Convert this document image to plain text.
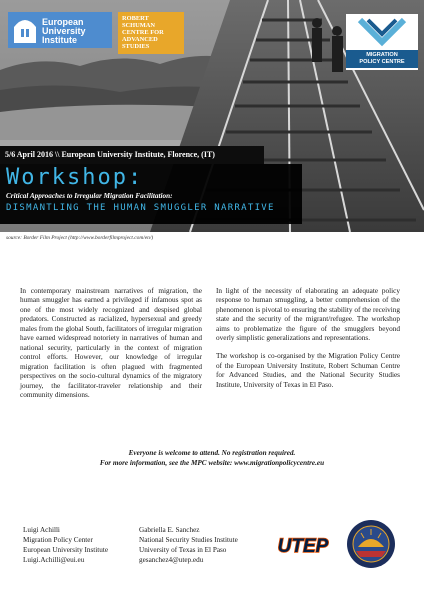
European
University
Institute
ROBERT
SCHUMAN
CENTRE FOR
ADVANCED
STUDIES
MIGRATION
POLICY CENTRE
5/6 April 2016 \\ European University Institute, Florence, (IT)
Workshop:
Critical Approaches to Irregular Migration Facilitation:
DISMANTLING THE HUMAN SMUGGLER NARRATIVE
source: Border Film Project (http://www.borderfilmproject.com/en/)

In contemporary mainstream narratives of migration, the human smuggler has earned a privileged if infamous spot as one of the most widely recognized and despised global predators. Constructed as racialized, hypersexual and greedy males from the global South, facilitators of irregular migration have earned widespread notoriety in narratives of human and national security, particularly in the context of migration control efforts. However, our knowledge of irregular migration facilitation is often plagued with fragmented perspectives on the socio-cultural dynamics of the migratory journey, the facilitator-traveler relationship and their community dimensions.

In light of the necessity of elaborating an adequate policy response to human smuggling, a better comprehension of the phenomenon is pivotal to ensuring the stability of the receiving state and the security of the migrant/refugee. The workshop aims to problematize the figure of the smugglers beyond overly simplistic generalizations and representations.

The workshop is co-organised by the Migration Policy Centre of the European University Institute, Robert Schuman Centre for Advanced Studies, and the National Security Studies Institute, University of Texas in El Paso.

Everyone is welcome to attend. No registration required.
For more information, see the MPC website: www.migrationpolicycentre.eu
Luigi Achilli
Migration Policy Center
European University Institute
Luigi.Achilli@eui.eu
Gabriella E. Sanchez
National Security Studies Institute
University of Texas in El Paso
gesanchez4@utep.edu
UTEP
